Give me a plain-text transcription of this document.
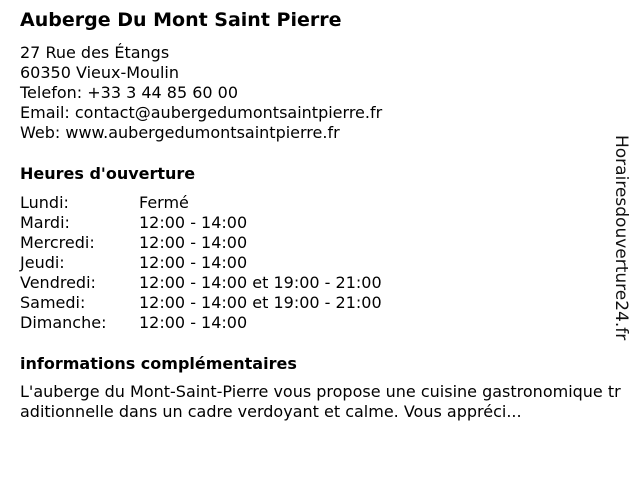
Auberge Du Mont Saint Pierre
27 Rue des Étangs
60350 Vieux-Moulin
Telefon: +33 3 44 85 60 00
Email: contact@aubergedumontsaintpierre.fr
Web: www.aubergedumontsaintpierre.fr
Heures d'ouverture
Lundi:	Fermé
Mardi:	12:00 - 14:00
Mercredi:	12:00 - 14:00
Jeudi:	12:00 - 14:00
Vendredi:	12:00 - 14:00 et 19:00 - 21:00
Samedi:	12:00 - 14:00 et 19:00 - 21:00
Dimanche:	12:00 - 14:00
informations complémentaires
L'auberge du Mont-Saint-Pierre vous propose une cuisine gastronomique traditionnelle dans un cadre verdoyant et calme. Vous appréci...
Horairesdouverture24.fr
